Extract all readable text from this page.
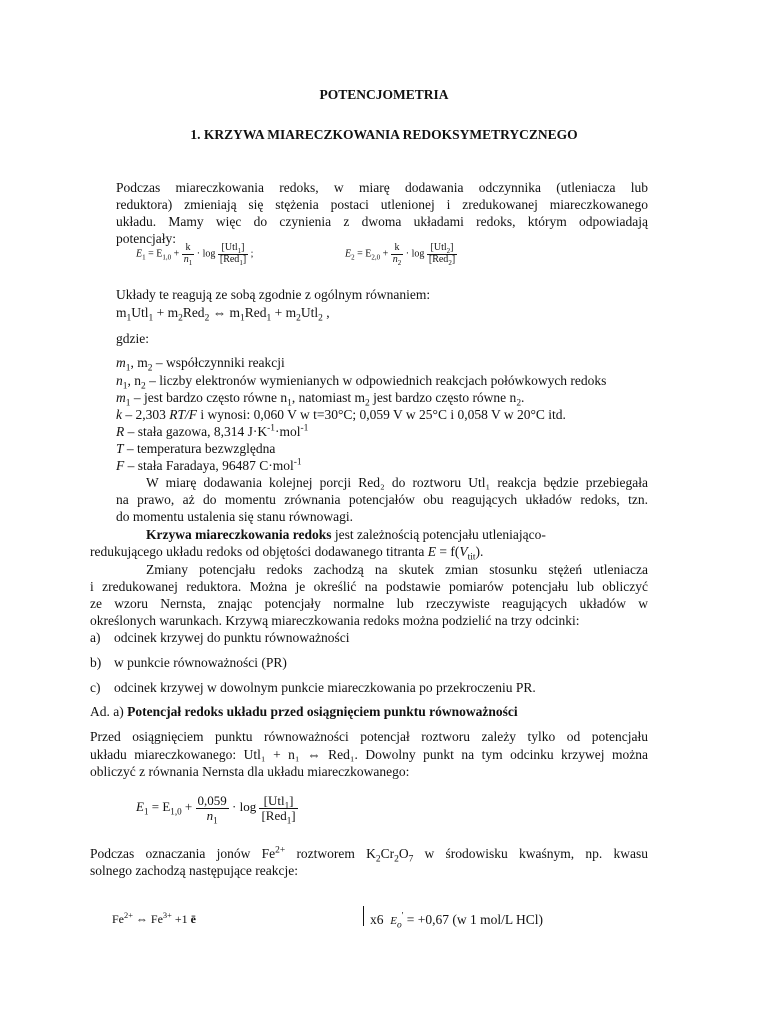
POTENCJOMETRIA
1. KRZYWA MIARECZKOWANIA REDOKSYMETRYCZNEGO
Podczas miareczkowania redoks, w miarę dodawania odczynnika (utleniacza lub
reduktora) zmieniają się stężenia postaci utlenionej i zredukowanej miareczkowanego
układu. Mamy więc do czynienia z dwoma układami redoks, którym odpowiadają
potencjały:
$E_1 = E_{1,0} + \frac{k}{n_1} \cdot \log \frac{[Utl_1]}{[Red_1]}$ ;	$E_2 = E_{2,0} + \frac{k}{n_2} \cdot \log \frac{[Utl_2]}{[Red_2]}$
Układy te reagują ze sobą zgodnie z ogólnym równaniem:
$m_1Utl_1 + m_2Red_2$ ⇔ $m_1Red_1 + m_2Utl_2$ ,
gdzie:
$m_1$, $m_2$ – współczynniki reakcji
$n_1$, $n_2$ – liczby elektronów wymienianych w odpowiednich reakcjach połówkowych redoks
$m_1$ – jest bardzo często równe $n_1$, natomiast $m_2$ jest bardzo często równe $n_2$.
k – 2,303 RT/F i wynosi: 0,060 V w t=30°C; 0,059 V w 25°C i 0,058 V w 20°C itd.
R – stała gazowa, 8,314 $J\cdot K^{-1}\cdot mol^{-1}$
T – temperatura bezwzględna
F – stała Faradaya, 96487 C·mol$^{-1}$
W miarę dodawania kolejnej porcji Red₂ do roztworu Utl₁ reakcja będzie przebiegała
na prawo, aż do momentu zrównania potencjałów obu reagujących układów redoks, tzn.
do momentu ustalenia się stanu równowagi.
Krzywa miareczkowania redoks jest zależnością potencjału utleniająco-
redukującego układu redoks od objętości dodawanego titranta $E = f(V_{tit})$.
Zmiany potencjału redoks zachodzą na skutek zmian stosunku stężeń utleniacza
i zredukowanej reduktora. Można je określić na podstawie pomiarów potencjału lub obliczyć
ze wzoru Nernsta, znając potencjały normalne lub rzeczywiste reagujących układów w
określonych warunkach. Krzywą miareczkowania redoks można podzielić na trzy odcinki:
a) odcinek krzywej do punktu równoważności
b) w punkcie równoważności (PR)
c) odcinek krzywej w dowolnym punkcie miareczkowania po przekroczeniu PR.
Ad. a) Potencjał redoks układu przed osiągnięciem punktu równoważności
Przed osiągnięciem punktu równoważności potencjał roztworu zależy tylko od potencjału
układu miareczkowanego: Utl₁ + n₁ ⇔ Red₁. Dowolny punkt na tym odcinku krzywej można
obliczyć z równania Nernsta dla układu miareczkowanego:
$E_1 = E_{1,0} + \frac{0,059}{n_1} \cdot \log \frac{[Utl_1]}{[Red_1]}$
Podczas oznaczania jonów $Fe^{2+}$ roztworem $K_2Cr_2O_7$ w środowisku kwaśnym, np. kwasu
solnego zachodzą następujące reakcje:
$Fe^{2+}$ ⇔ $Fe^{3+} +1$ ē	x6 $E_o' = +0,67$ (w 1 mol/L HCl)
